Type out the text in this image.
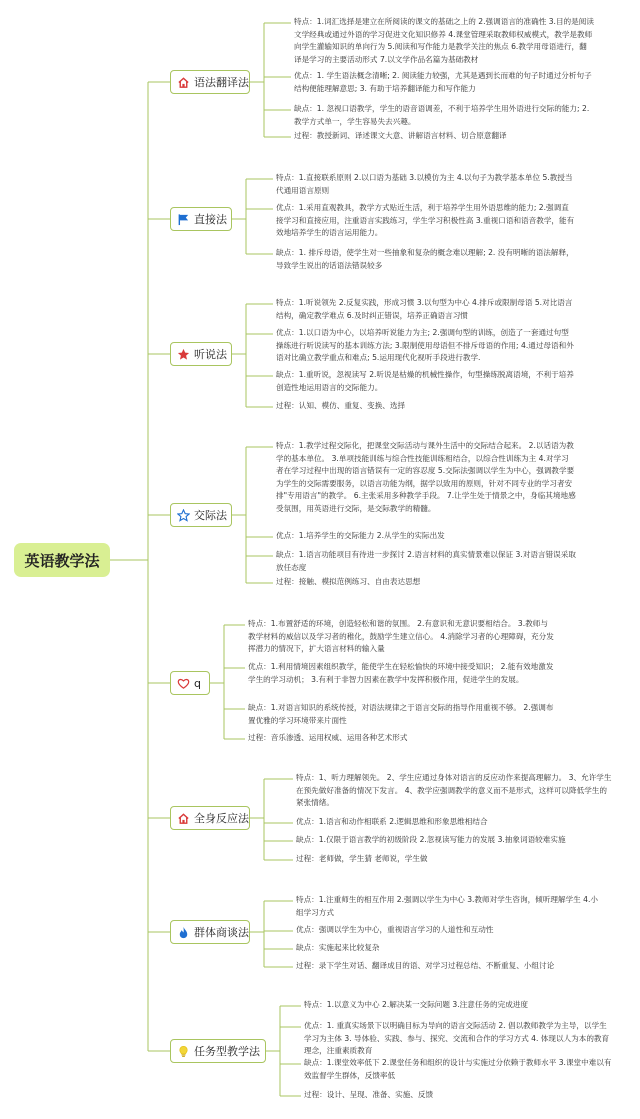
英语教学法
语法翻译法
特点：1.词汇选择是建立在所阅读的课文的基础之上的 2.强调语言的准确性 3.目的是阅读文学经典或通过外语的学习促进文化知识修养 4.课堂管理采取教师权威模式，教学是教师向学生灌输知识的单向行为 5.阅读和写作能力是教学关注的焦点 6.教学用母语进行，翻译是学习的主要活动形式 7.以文学作品名篇为基础教材
优点：1. 学生语法概念清晰; 2. 阅读能力较强，尤其是遇到长而难的句子时通过分析句子结构便能理解意思; 3. 有助于培养翻译能力和写作能力
缺点：1. 忽视口语教学，学生的语音语调差，不利于培养学生用外语进行交际的能力; 2. 教学方式单一，学生容易失去兴趣。
过程：教授新词、译述课文大意、讲解语言材料、切合原意翻译
直接法
特点：1.直接联系原则 2.以口语为基础 3.以模仿为主 4.以句子为教学基本单位 5.教授当代通用语言原则
优点：1.采用直观教具，教学方式贴近生活，利于培养学生用外语思维的能力; 2.强调直接学习和直接应用，注重语言实践练习，学生学习积极性高 3.重视口语和语音教学，能有效地培养学生的语言运用能力。
缺点：1. 排斥母语，使学生对一些抽象和复杂的概念难以理解; 2. 没有明晰的语法解释，导致学生说出的话语法错误较多
听说法
特点：1.听说领先 2.反复实践，形成习惯 3.以句型为中心 4.排斥或限制母语 5.对比语言结构，确定教学难点 6.及时纠正错误，培养正确语言习惯
优点：1.以口语为中心，以培养听说能力为主; 2.强调句型的训练，创造了一套通过句型操练进行听说读写的基本训练方法; 3.限制使用母语但不排斥母语的作用; 4.通过母语和外语对比确立教学重点和难点; 5.运用现代化视听手段进行教学.
缺点：1.重听说，忽视读写 2.听说是枯燥的机械性操作，句型操练脱离语境，不利于培养创造性地运用语言的交际能力。
过程：认知、模仿、重复、变换、选择
交际法
特点：1.教学过程交际化，把课堂交际活动与课外生活中的交际结合起来。 2.以话语为教学的基本单位。 3.单项技能训练与综合性技能训练相结合，以综合性训练为主 4.对学习者在学习过程中出现的语言错误有一定的容忍度 5.交际法强调以学生为中心，强调教学要为学生的交际需要服务，以语言功能为纲，据学以致用的原则，针对不同专业的学习者安排"专用语言"的教学。 6.主张采用多种教学手段。 7.让学生处于情景之中，身临其境地感受氛围，用英语进行交际，是交际教学的精髓。
优点：1.培养学生的交际能力 2.从学生的实际出发
缺点：1.语言功能项目有待进一步探讨 2.语言材料的真实情景难以保证 3.对语言错误采取放任态度
过程：接触、模拟范例练习、自由表达思想
q
特点：1.布置舒适的环境，创造轻松和谐的氛围。 2.有意识和无意识要相结合。 3.教师与教学材料的威信以及学习者的稚化，鼓励学生建立信心。 4.消除学习者的心理障碍，充分发挥潜力的情况下，扩大语言材料的输入量
优点：1.利用情境因素组织教学，能使学生在轻松愉快的环境中接受知识； 2.能有效地激发学生的学习动机； 3.有利于非智力因素在教学中发挥积极作用，促进学生的发展。
缺点：1.对语言知识的系统传授，对语法规律之于语言交际的指导作用重视不够。 2.强调布置优雅的学习环境带来片面性
过程：音乐渗透、运用权威、运用各种艺术形式
全身反应法
特点：1、听力理解领先。 2、学生应通过身体对语言的反应动作来提高理解力。 3、允许学生在预先做好准备的情况下发言。 4、教学应强调教学的意义而不是形式，这样可以降低学生的紧张情绪。
优点：1.语言和动作相联系 2.逻辑思维和形象思维相结合
缺点：1.仅限于语言教学的初级阶段 2.忽视读写能力的发展 3.抽象词语较难实施
过程：老师做，学生猜 老师说，学生做
群体商谈法
特点：1.注重师生的相互作用 2.强调以学生为中心 3.教师对学生咨询，倾听理解学生 4.小组学习方式
优点：强调以学生为中心，重视语言学习的人道性和互动性
缺点：实施起来比较复杂
过程：录下学生对话、翻译成目的语、对学习过程总结、不断重复、小组讨论
任务型教学法
特点：1.以意义为中心 2.解决某一交际问题 3.注意任务的完成进度
优点：1. 重真实场景下以明确目标为导向的语言交际活动 2. 倡以教师教学为主导，以学生学习为主体 3. 导体验、实践、参与、探究、交流和合作的学习方式 4. 体现以人为本的教育理念，注重素质教育
缺点：1.课堂效率低下 2.课堂任务和组织的设计与实施过分依赖于教师水平 3.课堂中难以有效监督学生群体，反馈率低
过程：设计、呈现、准备、实施、反馈
